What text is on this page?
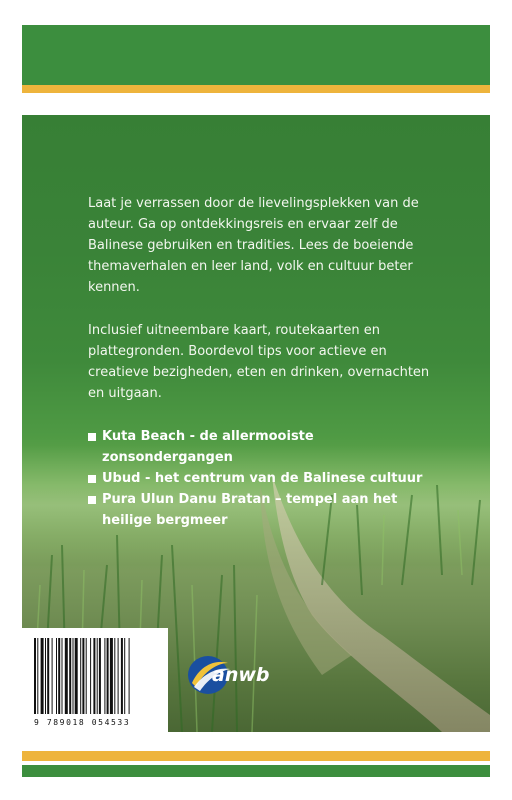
Laat je verrassen door de lievelingsplekken van de auteur. Ga op ontdekkingsreis en ervaar zelf de Balinese gebruiken en tradities. Lees de boeiende themaverhalen en leer land, volk en cultuur beter kennen.

Inclusief uitneembare kaart, routekaarten en plattegronden. Boordevol tips voor actieve en creatieve bezigheden, eten en drinken, overnachten en uitgaan.

Kuta Beach - de allermooiste zonsondergangen
Ubud - het centrum van de Balinese cultuur
Pura Ulun Danu Bratan – tempel aan het heilige bergmeer
9 789018 054533
anwb
